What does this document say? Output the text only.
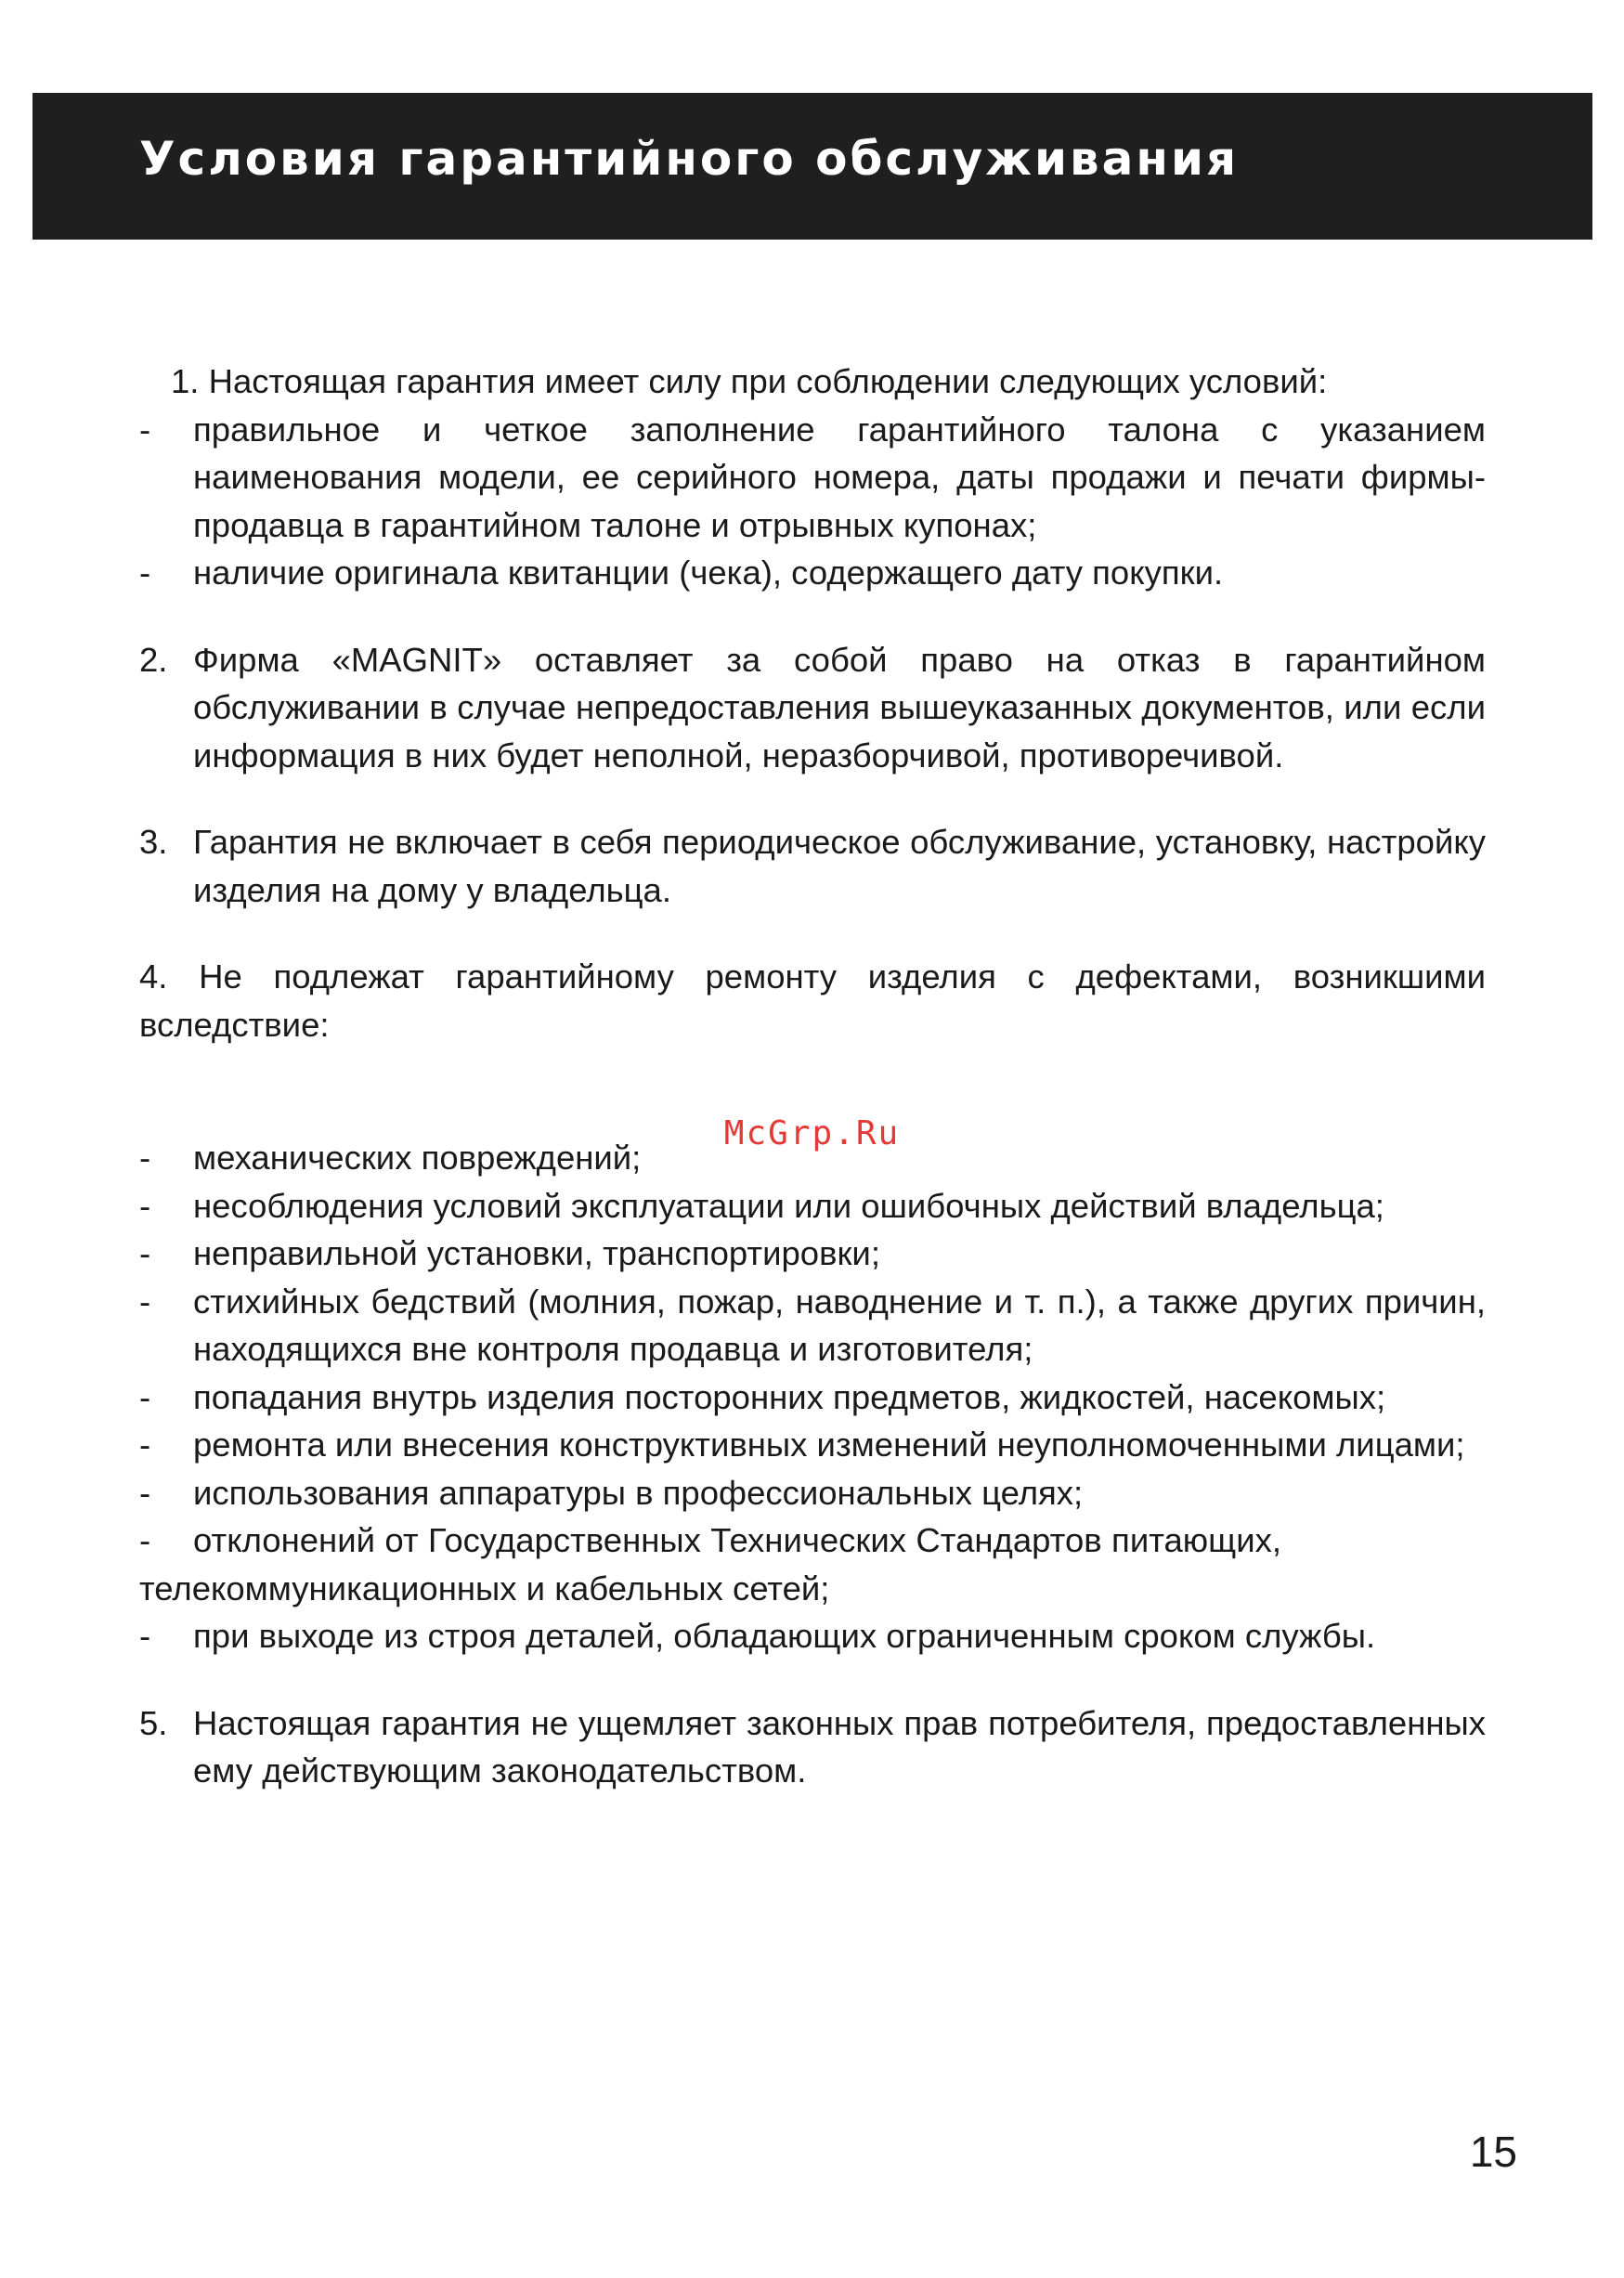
Условия гарантийного обслуживания
McGrp.Ru
1. Настоящая гарантия имеет силу при соблюдении следующих условий:
-	правильное и четкое заполнение гарантийного талона с указанием наименования модели, ее серийного номера, даты продажи и печати фирмы-продавца в гарантийном талоне и отрывных купонах;
-	наличие оригинала квитанции (чека), содержащего дату покупки.
2. Фирма «MAGNIT» оставляет за собой право на отказ в гарантийном обслуживании в случае непредоставления вышеуказанных документов, или если информация в них будет неполной, неразборчивой, противоречивой.
3. Гарантия не включает в себя периодическое обслуживание, установку, настройку изделия на дому у владельца.
4. Не подлежат гарантийному ремонту изделия с дефектами, возникшими вследствие:
-	механических повреждений;
-	несоблюдения условий эксплуатации или ошибочных действий владельца;
-	неправильной установки, транспортировки;
-	стихийных бедствий (молния, пожар, наводнение и т. п.), а также других причин, находящихся вне контроля продавца и изготовителя;
-	попадания внутрь изделия посторонних предметов, жидкостей, насекомых;
- ремонта или внесения конструктивных изменений неуполномоченными лицами;
-	использования аппаратуры в профессиональных целях;
- отклонений от Государственных Технических Стандартов питающих, телекоммуникационных и кабельных сетей;
-	при выходе из строя деталей, обладающих ограниченным сроком службы.
5. Настоящая гарантия не ущемляет законных прав потребителя, предоставленных ему действующим законодательством.
15
